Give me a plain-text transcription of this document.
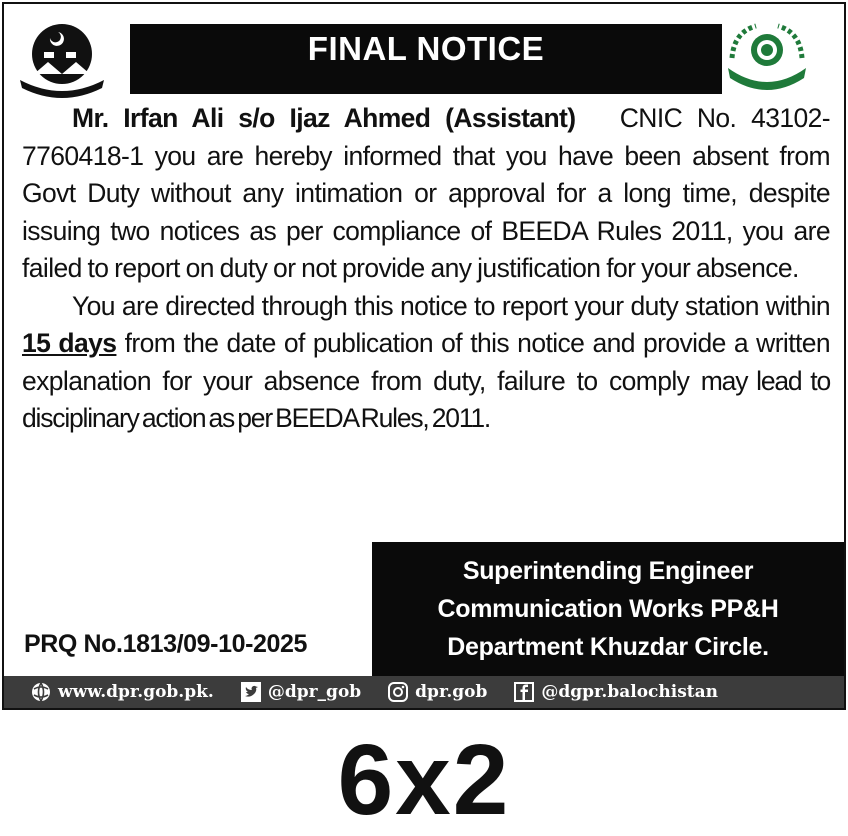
FINAL NOTICE

Mr. Irfan Ali s/o Ijaz Ahmed (Assistant) CNIC No. 43102-7760418-1 you are hereby informed that you have been absent from Govt Duty without any intimation or approval for a long time, despite issuing two notices as per compliance of BEEDA Rules 2011, you are failed to report on duty or not provide any justification for your absence.

You are directed through this notice to report your duty station within 15 days from the date of publication of this notice and provide a written explanation for your absence from duty, failure to comply may lead to disciplinary action as per BEEDA Rules, 2011.

Superintending Engineer
Communication Works PP&H
Department Khuzdar Circle.
PRQ No.1813/09-10-2025
www.dpr.gob.pk.	@dpr_gob	dpr.gob	@dgpr.balochistan
6x2
